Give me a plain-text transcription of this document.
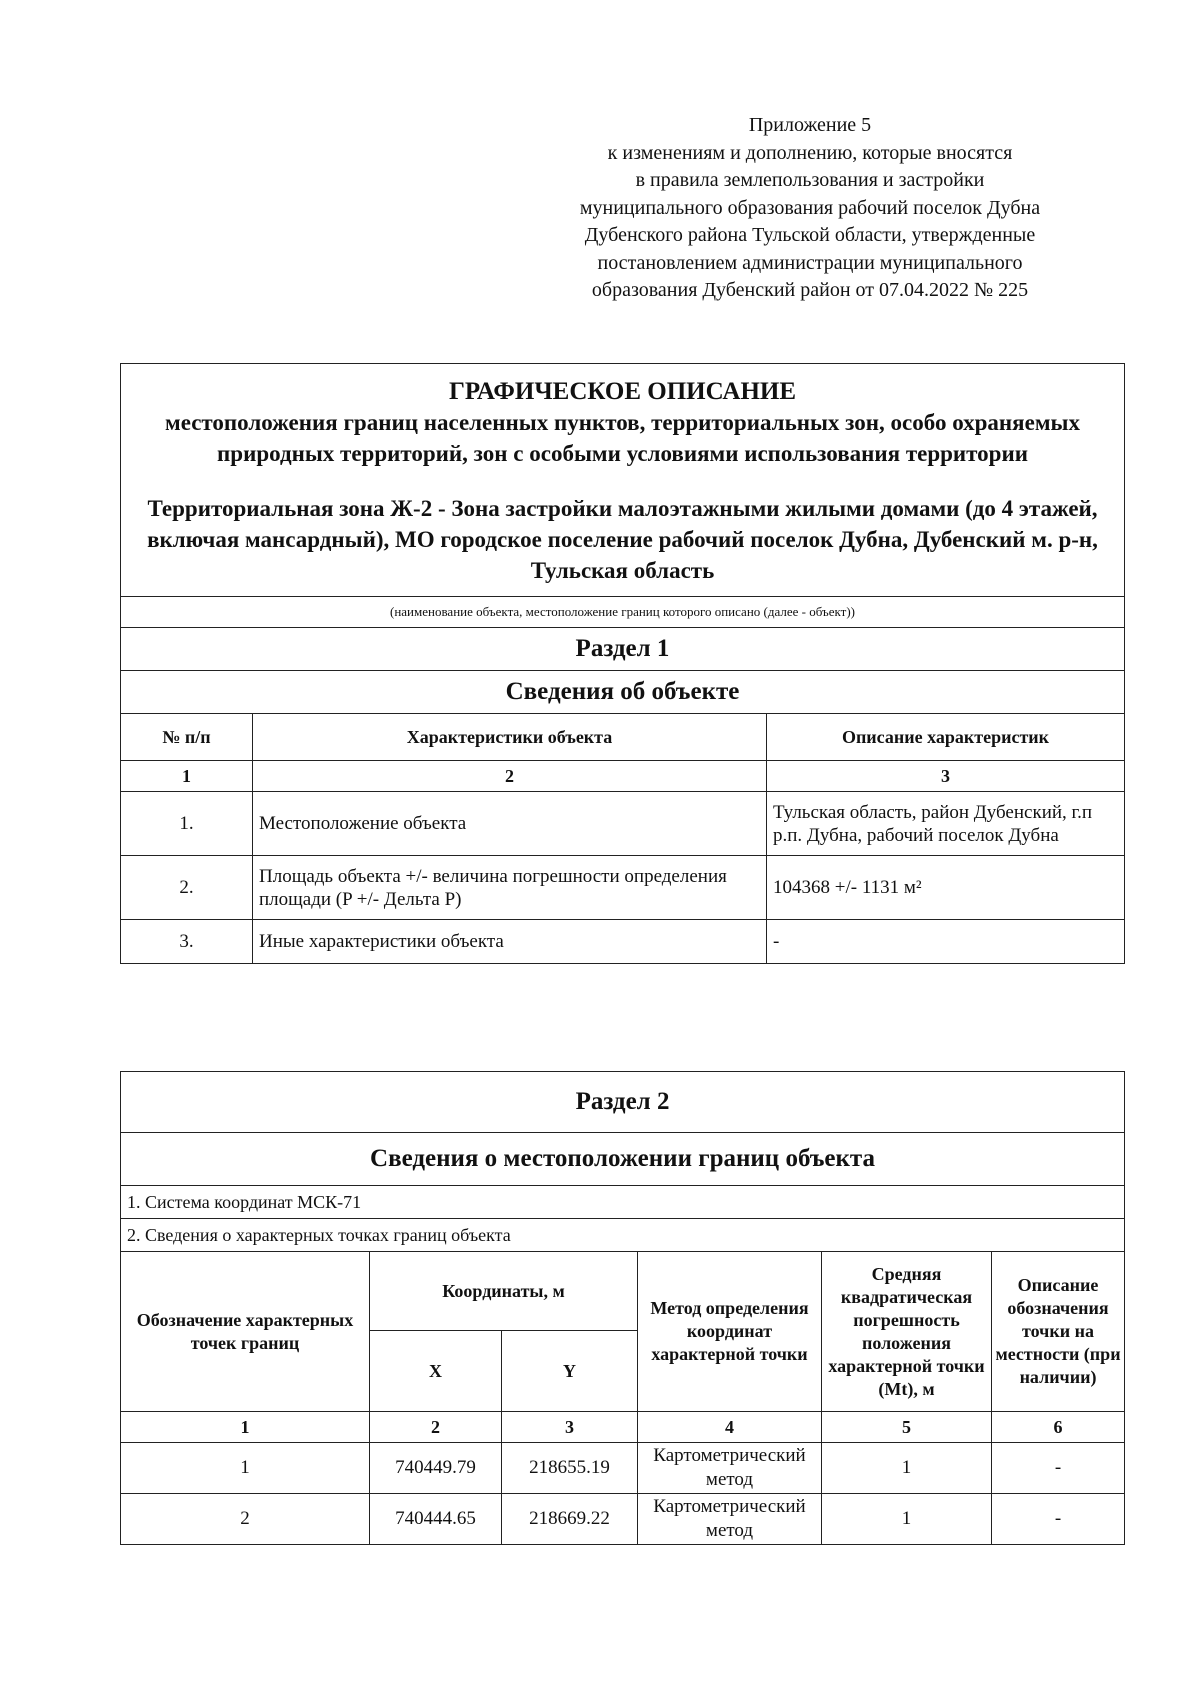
Приложение 5
к изменениям и дополнению, которые вносятся
в правила землепользования и застройки
муниципального образования рабочий поселок Дубна
Дубенского района Тульской области, утвержденные
постановлением администрации муниципального
образования Дубенский район от 07.04.2022 № 225
ГРАФИЧЕСКОЕ ОПИСАНИЕ
местоположения границ населенных пунктов, территориальных зон, особо охраняемых природных территорий, зон с особыми условиями использования территории
Территориальная зона Ж-2 - Зона застройки малоэтажными жилыми домами (до 4 этажей, включая мансардный), МО городское поселение рабочий поселок Дубна, Дубенский м. р-н, Тульская область		

(наименование объекта, местоположение границ которого описано (далее - объект))		
Раздел 1		
Сведения об объекте		
№ п/п	Характеристики объекта	Описание характеристик
1	2	3
1.	Местоположение объекта	Тульская область, район Дубенский, г.п р.п. Дубна, рабочий поселок Дубна
2.	Площадь объекта +/- величина погрешности определения площади (P +/- Дельта P)	104368 +/- 1131 м²
3.	Иные характеристики объекта	-
Раздел 2					
Сведения о местоположении границ объекта					
1. Система координат МСК-71					
2. Сведения о характерных точках границ объекта					
Обозначение характерных точек границ	Координаты, м		Метод определения координат характерной точки	Средняя квадратическая погрешность положения характерной точки (Mt), м	Описание обозначения точки на местности (при наличии)
	X	Y			
1	2	3	4	5	6
1	740449.79	218655.19	Картометрический метод	1	-
2	740444.65	218669.22	Картометрический метод	1	-
